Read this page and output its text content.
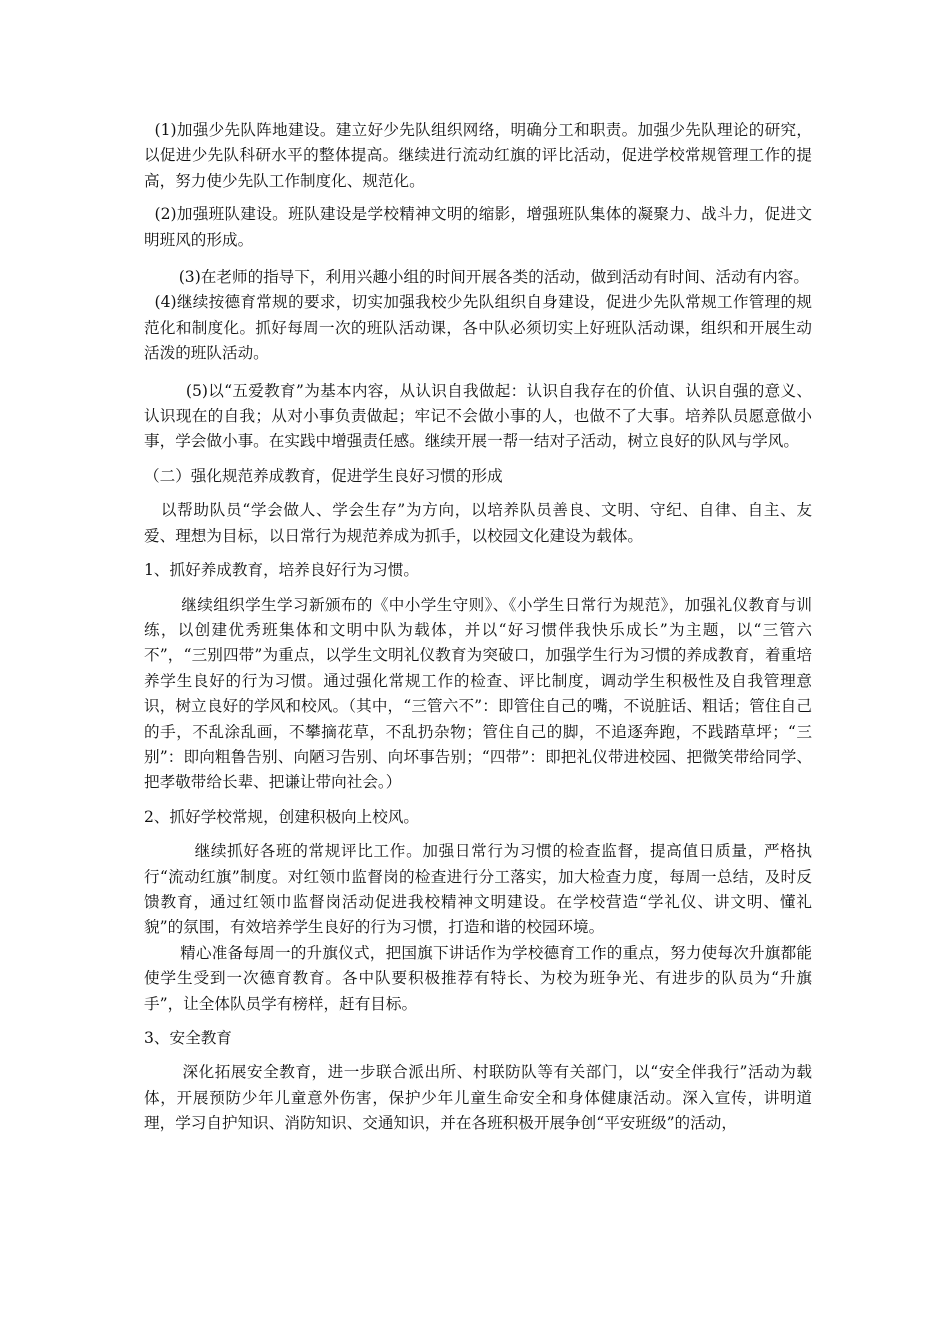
(1)加强少先队阵地建设。建立好少先队组织网络，明确分工和职责。加强少先队理论的研究，以促进少先队科研水平的整体提高。继续进行流动红旗的评比活动，促进学校常规管理工作的提高，努力使少先队工作制度化、规范化。

(2)加强班队建设。班队建设是学校精神文明的缩影，增强班队集体的凝聚力、战斗力，促进文明班风的形成。

(3)在老师的指导下，利用兴趣小组的时间开展各类的活动，做到活动有时间、活动有内容。

(4)继续按德育常规的要求，切实加强我校少先队组织自身建设，促进少先队常规工作管理的规范化和制度化。抓好每周一次的班队活动课，各中队必须切实上好班队活动课，组织和开展生动活泼的班队活动。

(5)以“五爱教育”为基本内容，从认识自我做起：认识自我存在的价值、认识自强的意义、认识现在的自我；从对小事负责做起；牢记不会做小事的人，也做不了大事。培养队员愿意做小事，学会做小事。在实践中增强责任感。继续开展一帮一结对子活动，树立良好的队风与学风。

（二）强化规范养成教育，促进学生良好习惯的形成

以帮助队员“学会做人、学会生存”为方向，以培养队员善良、文明、守纪、自律、自主、友爱、理想为目标，以日常行为规范养成为抓手，以校园文化建设为载体。

1、抓好养成教育，培养良好行为习惯。

继续组织学生学习新颁布的《中小学生守则》、《小学生日常行为规范》，加强礼仪教育与训练，以创建优秀班集体和文明中队为载体，并以“好习惯伴我快乐成长”为主题，以“三管六不”，“三别四带”为重点，以学生文明礼仪教育为突破口，加强学生行为习惯的养成教育，着重培养学生良好的行为习惯。通过强化常规工作的检查、评比制度，调动学生积极性及自我管理意识，树立良好的学风和校风。（其中，“三管六不”：即管住自己的嘴，不说脏话、粗话；管住自己的手，不乱涂乱画，不攀摘花草，不乱扔杂物；管住自己的脚，不追逐奔跑，不践踏草坪；“三别”：即向粗鲁告别、向陋习告别、向坏事告别；“四带”：即把礼仪带进校园、把微笑带给同学、把孝敬带给长辈、把谦让带向社会。）

2、抓好学校常规，创建积极向上校风。

继续抓好各班的常规评比工作。加强日常行为习惯的检查监督，提高值日质量，严格执行“流动红旗”制度。对红领巾监督岗的检查进行分工落实，加大检查力度，每周一总结，及时反馈教育，通过红领巾监督岗活动促进我校精神文明建设。在学校营造“学礼仪、讲文明、懂礼貌”的氛围，有效培养学生良好的行为习惯，打造和谐的校园环境。

精心准备每周一的升旗仪式，把国旗下讲话作为学校德育工作的重点，努力使每次升旗都能使学生受到一次德育教育。各中队要积极推荐有特长、为校为班争光、有进步的队员为“升旗手”，让全体队员学有榜样，赶有目标。

3、安全教育

深化拓展安全教育，进一步联合派出所、村联防队等有关部门，以“安全伴我行”活动为载体，开展预防少年儿童意外伤害，保护少年儿童生命安全和身体健康活动。深入宣传，讲明道理，学习自护知识、消防知识、交通知识，并在各班积极开展争创“平安班级”的活动，
